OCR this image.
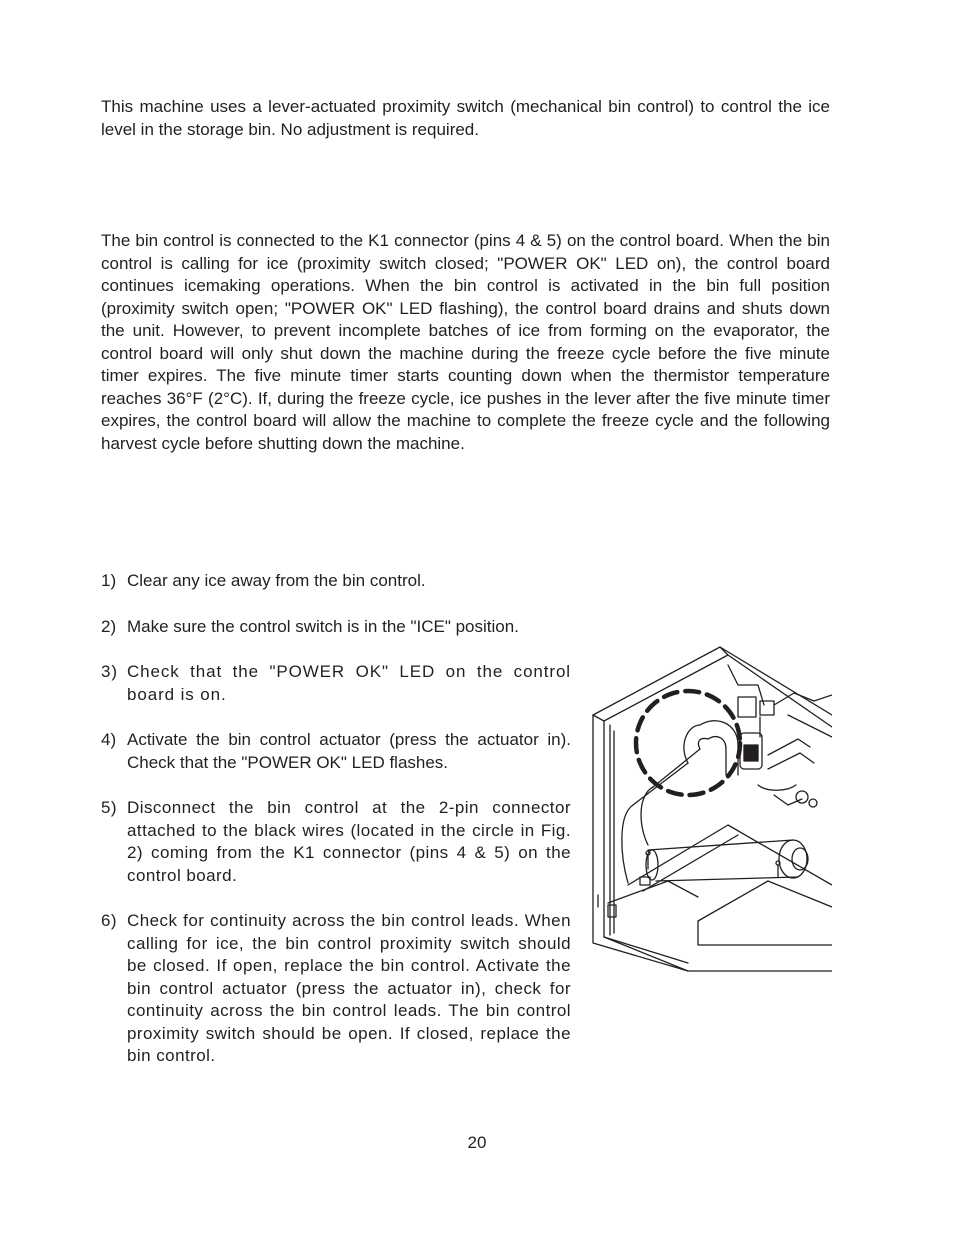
This machine uses a lever-actuated proximity switch (mechanical bin control) to control the ice level in the storage bin. No adjustment is required.

The bin control is connected to the K1 connector (pins 4 & 5) on the control board. When the bin control is calling for ice (proximity switch closed; "POWER OK" LED on), the control board continues icemaking operations. When the bin control is activated in the bin full position (proximity switch open; "POWER OK" LED flashing), the control board drains and shuts down the unit. However, to prevent incomplete batches of ice from forming on the evaporator, the control board will only shut down the machine during the freeze cycle before the five minute timer expires. The five minute timer starts counting down when the thermistor temperature reaches 36°F (2°C). If, during the freeze cycle, ice pushes in the lever after the five minute timer expires, the control board will allow the machine to complete the freeze cycle and the following harvest cycle before shutting down the machine.

1) Clear any ice away from the bin control.
2) Make sure the control switch is in the "ICE" position.
3) Check that the "POWER OK" LED on the control board is on.
4) Activate the bin control actuator (press the actuator in). Check that the "POWER OK" LED flashes.
5) Disconnect the bin control at the 2-pin connector attached to the black wires (located in the circle in Fig. 2) coming from the K1 connector (pins 4 & 5) on the control board.
6) Check for continuity across the bin control leads. When calling for ice, the bin control proximity switch should be closed. If open, replace the bin control. Activate the bin control actuator (press the actuator in), check for continuity across the bin control leads. The bin control proximity switch should be open. If closed, replace the bin control.
20
